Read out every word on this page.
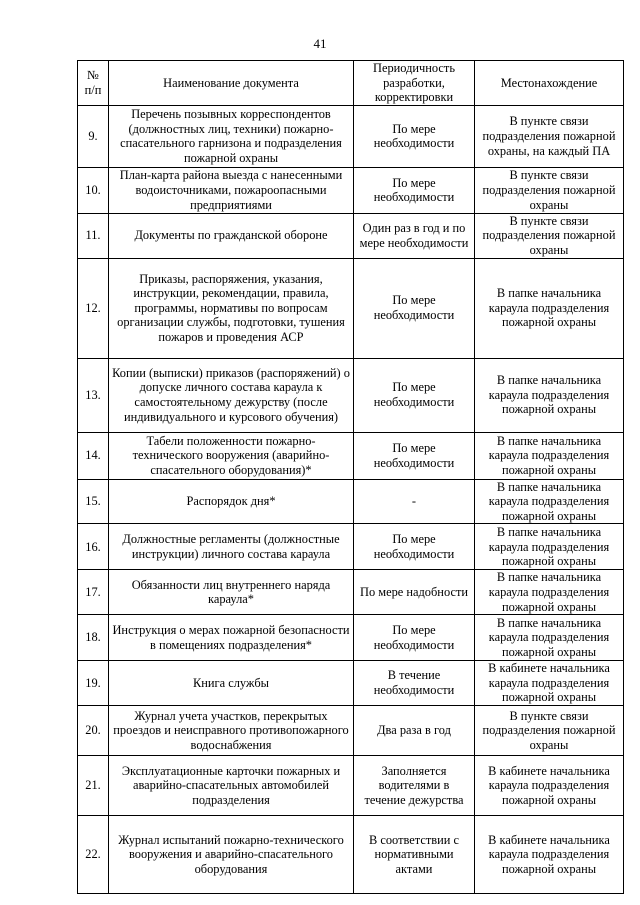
41
№ п/п	Наименование документа	Периодичность разработки, корректировки	Местонахождение
9.	Перечень позывных корреспондентов (должностных лиц, техники) пожарно-спасательного гарнизона и подразделения пожарной охраны	По мере необходимости	В пункте связи подразделения пожарной охраны, на каждый ПА
10.	План-карта района выезда с нанесенными водоисточниками, пожароопасными предприятиями	По мере необходимости	В пункте связи подразделения пожарной охраны
11.	Документы по гражданской обороне	Один раз в год и по мере необходимости	В пункте связи подразделения пожарной охраны
12.	Приказы, распоряжения, указания, инструкции, рекомендации, правила, программы, нормативы по вопросам организации службы, подготовки, тушения пожаров и проведения АСР	По мере необходимости	В папке начальника караула подразделения пожарной охраны
13.	Копии (выписки) приказов (распоряжений) о допуске личного состава караула к самостоятельному дежурству (после индивидуального и курсового обучения)	По мере необходимости	В папке начальника караула подразделения пожарной охраны
14.	Табели положенности пожарно-технического вооружения (аварийно-спасательного оборудования)*	По мере необходимости	В папке начальника караула подразделения пожарной охраны
15.	Распорядок дня*	-	В папке начальника караула подразделения пожарной охраны
16.	Должностные регламенты (должностные инструкции) личного состава караула	По мере необходимости	В папке начальника караула подразделения пожарной охраны
17.	Обязанности лиц внутреннего наряда караула*	По мере надобности	В папке начальника караула подразделения пожарной охраны
18.	Инструкция о мерах пожарной безопасности в помещениях подразделения*	По мере необходимости	В папке начальника караула подразделения пожарной охраны
19.	Книга службы	В течение необходимости	В кабинете начальника караула подразделения пожарной охраны
20.	Журнал учета участков, перекрытых проездов и неисправного противопожарного водоснабжения	Два раза в год	В пункте связи подразделения пожарной охраны
21.	Эксплуатационные карточки пожарных и аварийно-спасательных автомобилей подразделения	Заполняется водителями в течение дежурства	В кабинете начальника караула подразделения пожарной охраны
22.	Журнал испытаний пожарно-технического вооружения и аварийно-спасательного оборудования	В соответствии с нормативными актами	В кабинете начальника караула подразделения пожарной охраны
